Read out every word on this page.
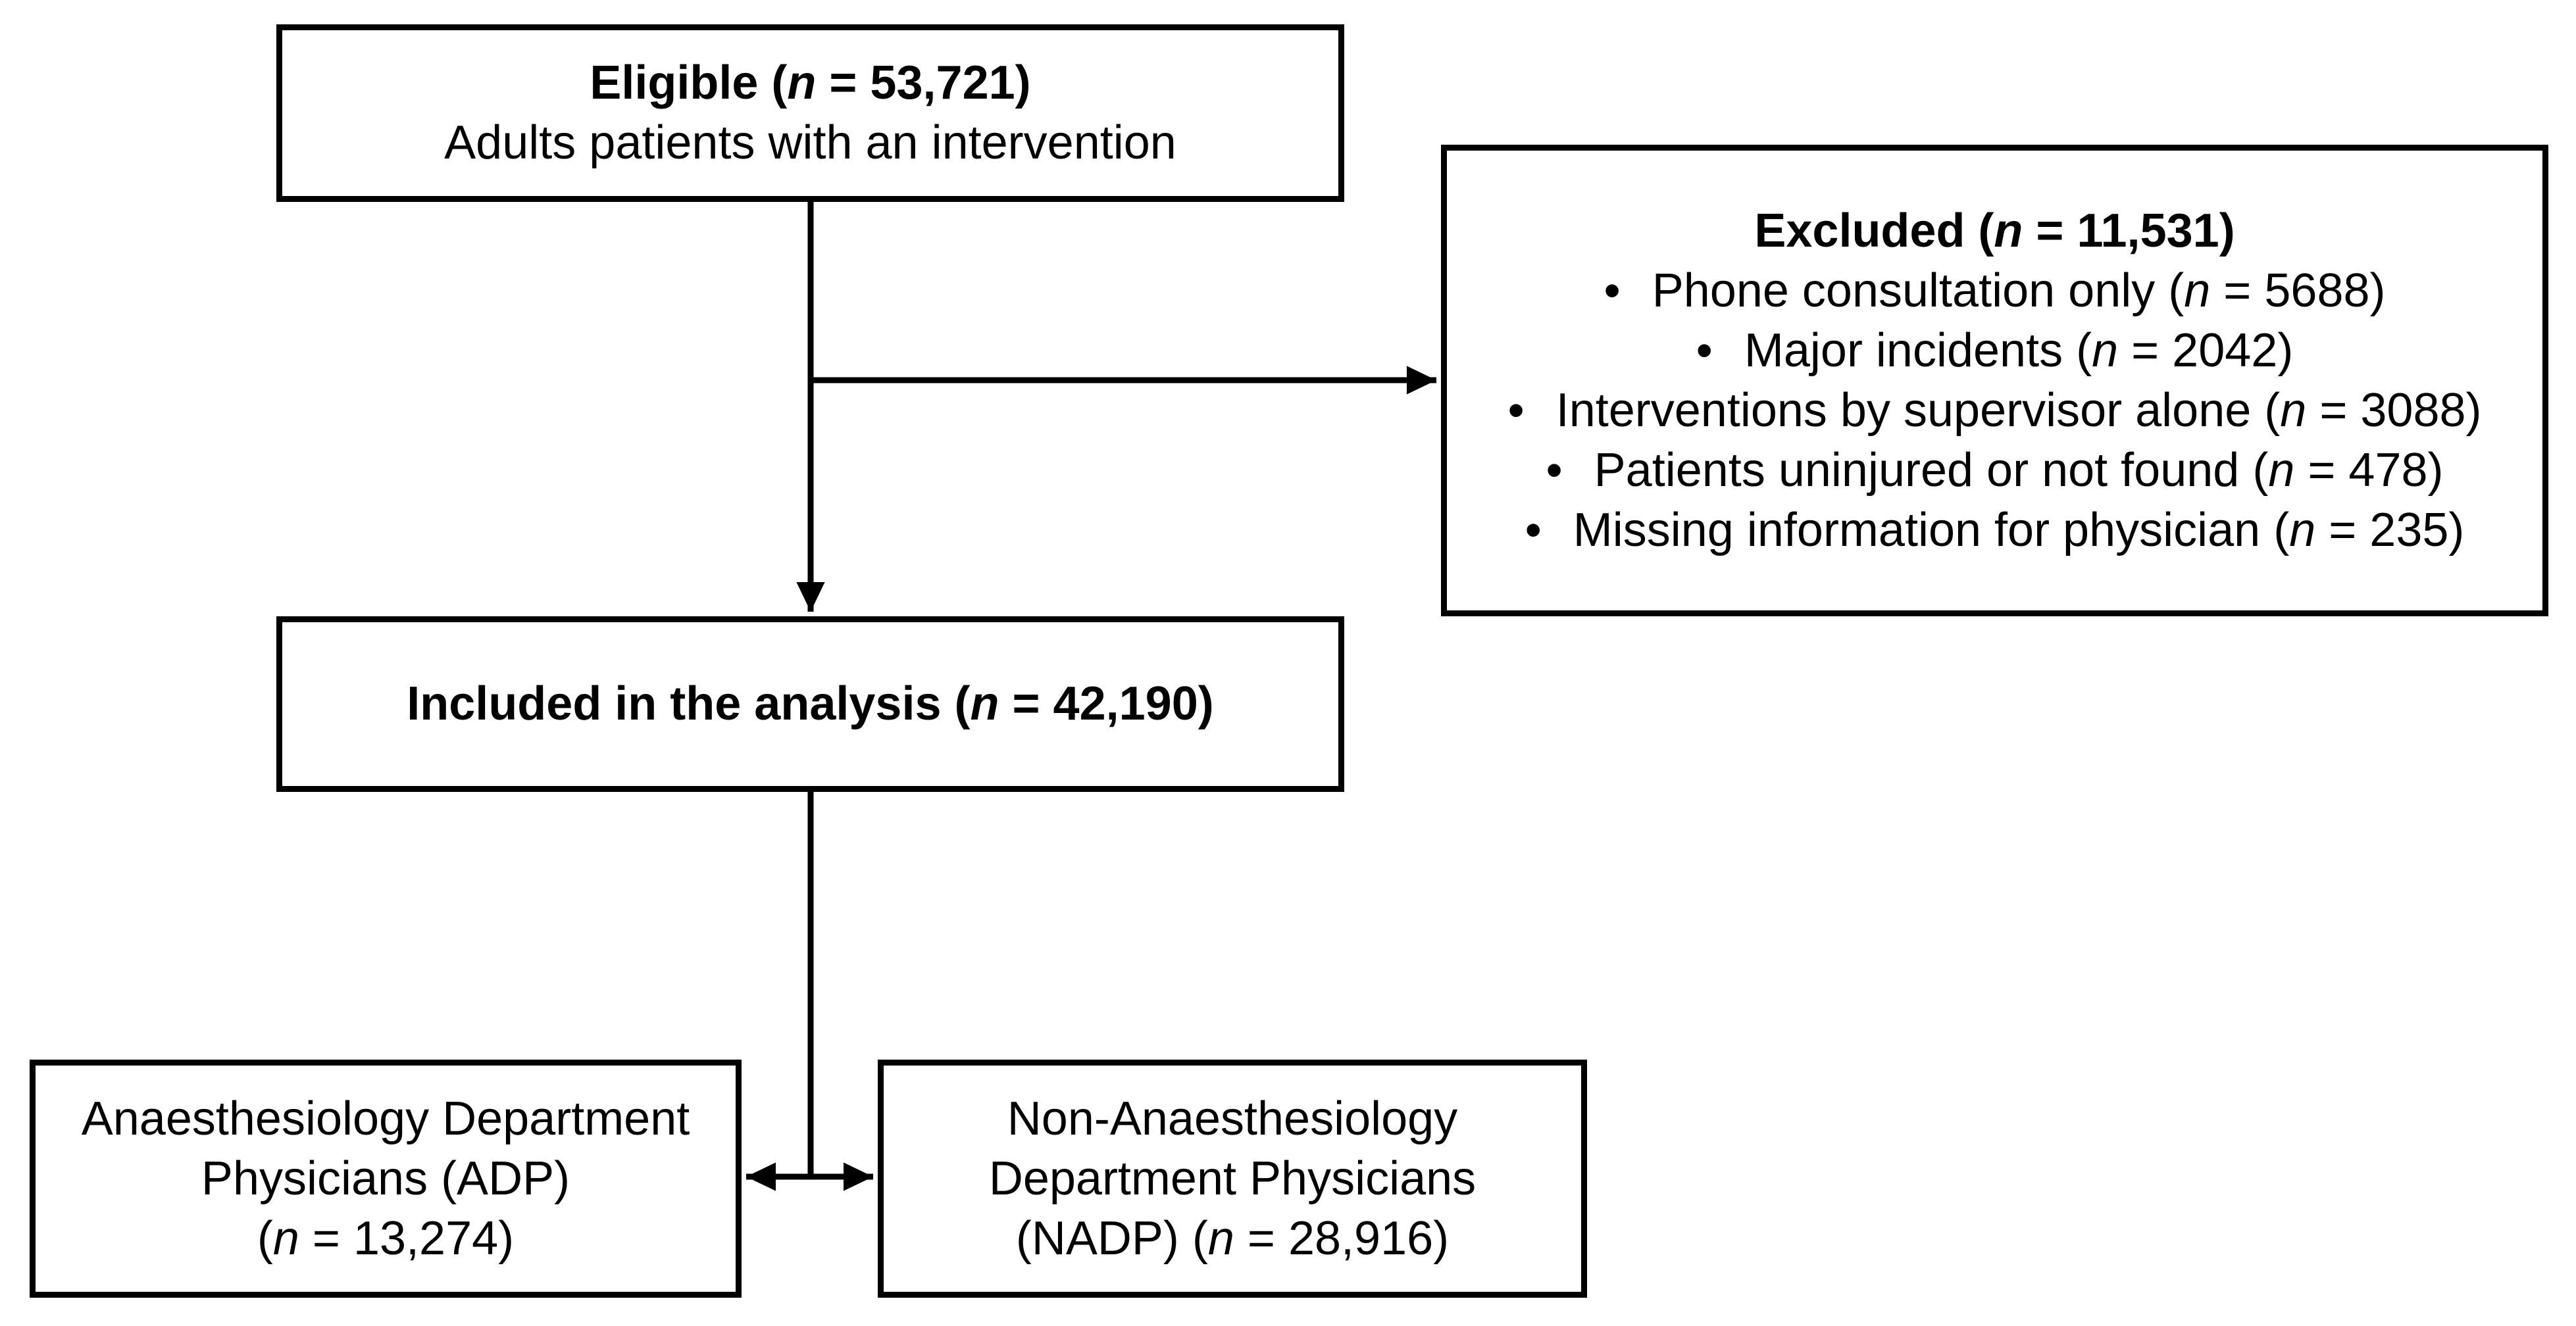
Eligible (n = 53,721)
Adults patients with an intervention
Excluded (n = 11,531)
• Phone consultation only (n = 5688)
• Major incidents (n = 2042)
• Interventions by supervisor alone (n = 3088)
• Patients uninjured or not found (n = 478)
• Missing information for physician (n = 235)
Included in the analysis (n = 42,190)
Anaesthesiology Department
Physicians (ADP)
(n = 13,274)
Non-Anaesthesiology
Department Physicians
(NADP) (n = 28,916)
